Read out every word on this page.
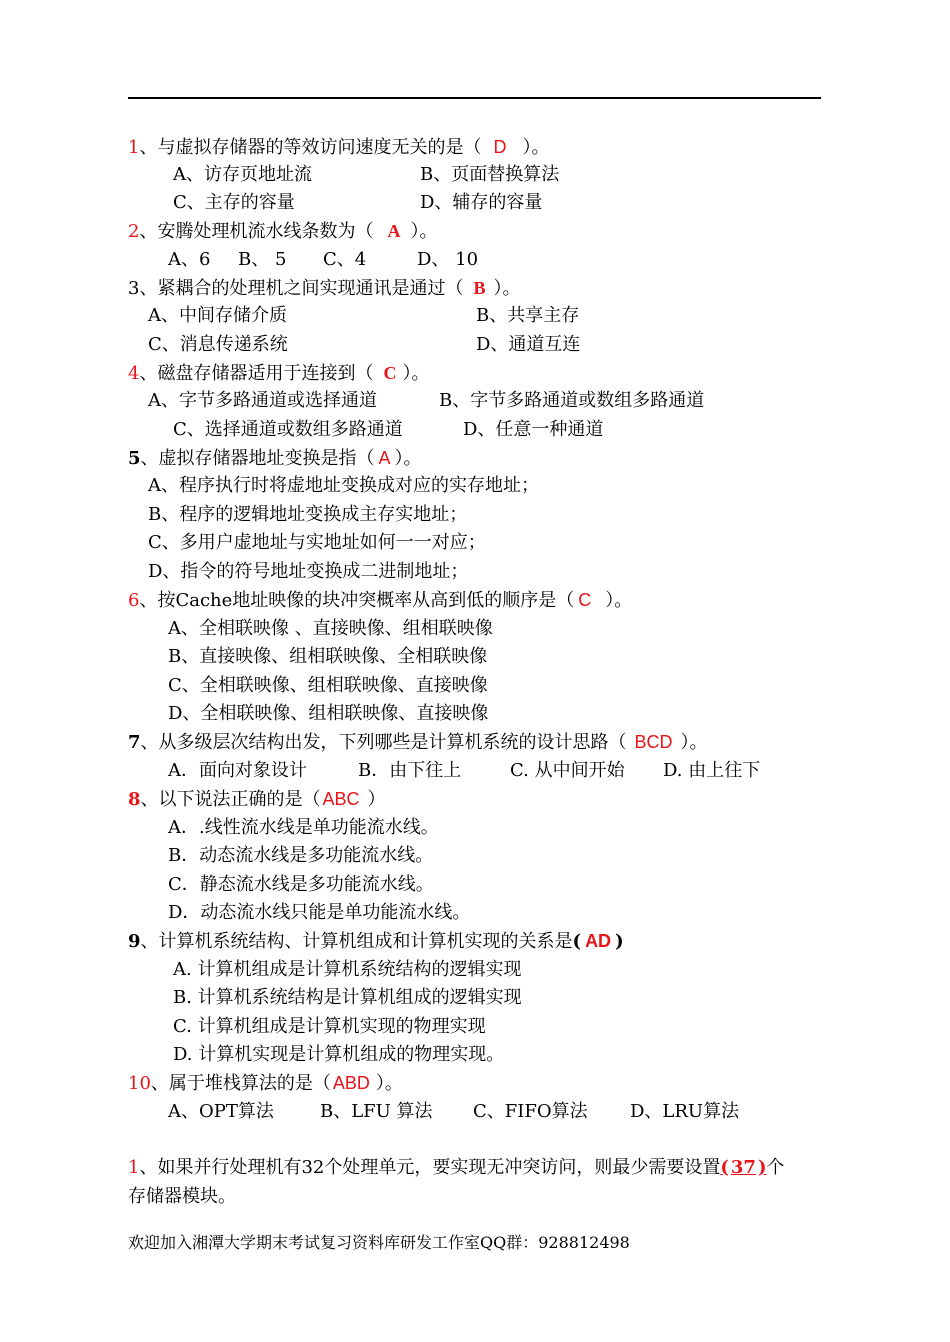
1、与虚拟存储器的等效访问速度无关的是（ D ）。
A、访存页地址流	B、页面替换算法
C、主存的容量	D、辅存的容量
2、安腾处理机流水线条数为（ A ）。
A、6 B、 5 C、4	D、 10
3、紧耦合的处理机之间实现通讯是通过（ B ）。
A、中间存储介质	B、共享主存
C、消息传递系统	D、通道互连
4、磁盘存储器适用于连接到（ C ）。
A、字节多路通道或选择通道	B、字节多路通道或数组多路通道
C、选择通道或数组多路通道	D、任意一种通道
5、虚拟存储器地址变换是指（ A ）。
A、程序执行时将虚地址变换成对应的实存地址；
B、程序的逻辑地址变换成主存实地址；
C、多用户虚地址与实地址如何一一对应；
D、指令的符号地址变换成二进制地址；
6、按Cache地址映像的块冲突概率从高到低的顺序是（ C ）。
A、全相联映像 、直接映像、组相联映像
B、直接映像、组相联映像、全相联映像
C、全相联映像、组相联映像、直接映像
D、全相联映像、组相联映像、直接映像
7、从多级层次结构出发，下列哪些是计算机系统的设计思路（ BCD ）。
A．面向对象设计	B．由下往上	C. 从中间开始 D. 由上往下
8、以下说法正确的是（ ABC ）
A．.线性流水线是单功能流水线。
B．动态流水线是多功能流水线。
C．静态流水线是多功能流水线。
D．动态流水线只能是单功能流水线。
9、计算机系统结构、计算机组成和计算机实现的关系是( AD )
A. 计算机组成是计算机系统结构的逻辑实现
B. 计算机系统结构是计算机组成的逻辑实现
C. 计算机组成是计算机实现的物理实现
D. 计算机实现是计算机组成的物理实现。
10、属于堆栈算法的是（ ABD ）。
A、OPT算法	B、LFU 算法 C、FIFO算法 D、LRU算法
1、如果并行处理机有32个处理单元，要实现无冲突访问，则最少需要设置( 37 )个
存储器模块。
欢迎加入湘潭大学期末考试复习资料库研发工作室QQ群：928812498
